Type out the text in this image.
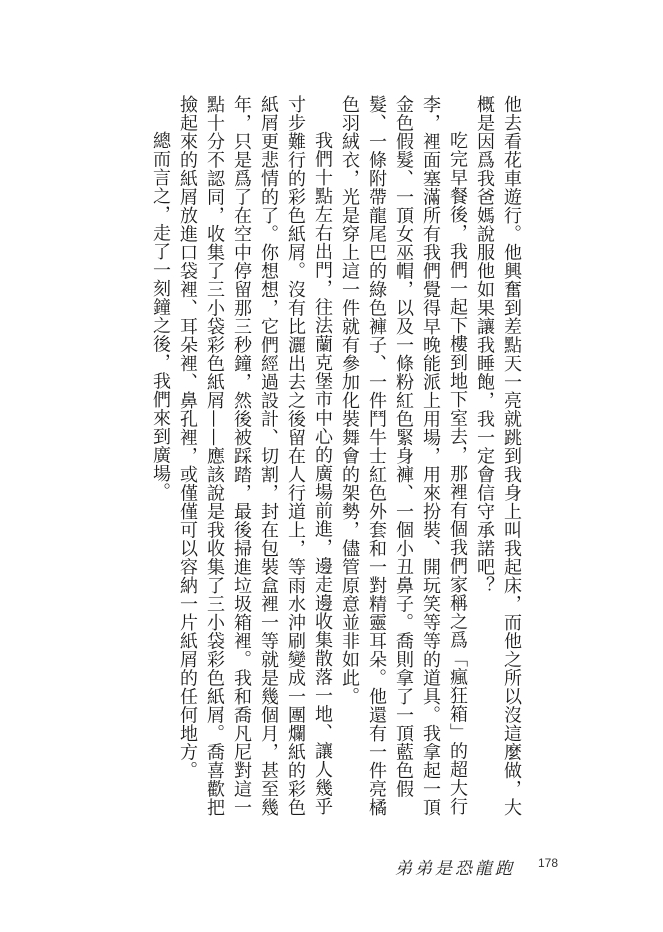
他去看花車遊行。他興奮到差點天一亮就跳到我身上叫我起床，而他之所以沒這麼做，大概是因爲我爸媽說服他如果讓我睡飽，我一定會信守承諾吧？

吃完早餐後，我們一起下樓到地下室去，那裡有個我們家稱之爲「瘋狂箱」的超大行李，裡面塞滿所有我們覺得早晚能派上用場，用來扮裝、開玩笑等等的道具。我拿起一頂金色假髮、一頂女巫帽，以及一條粉紅色緊身褲、一個小丑鼻子。喬則拿了一頂藍色假髮、一條附帶龍尾巴的綠色褲子、一件鬥牛士紅色外套和一對精靈耳朵。他還有一件亮橘色羽絨衣，光是穿上這一件就有參加化裝舞會的架勢，儘管原意並非如此。

我們十點左右出門，往法蘭克堡市中心的廣場前進，邊走邊收集散落一地、讓人幾乎寸步難行的彩色紙屑。沒有比灑出去之後留在人行道上，等雨水沖刷變成一團爛紙的彩色紙屑更悲情的了。你想想，它們經過設計、切割，封在包裝盒裡一等就是幾個月，甚至幾年，只是爲了在空中停留那三秒鐘，然後被踩踏，最後掃進垃圾箱裡。我和喬凡尼對這一點十分不認同，收集了三小袋彩色紙屑——應該說是我收集了三小袋彩色紙屑。喬喜歡把撿起來的紙屑放進口袋裡、耳朵裡、鼻孔裡，或僅僅可以容納一片紙屑的任何地方。

總而言之，走了一刻鐘之後，我們來到廣場。

弟弟是恐龍跑	178
